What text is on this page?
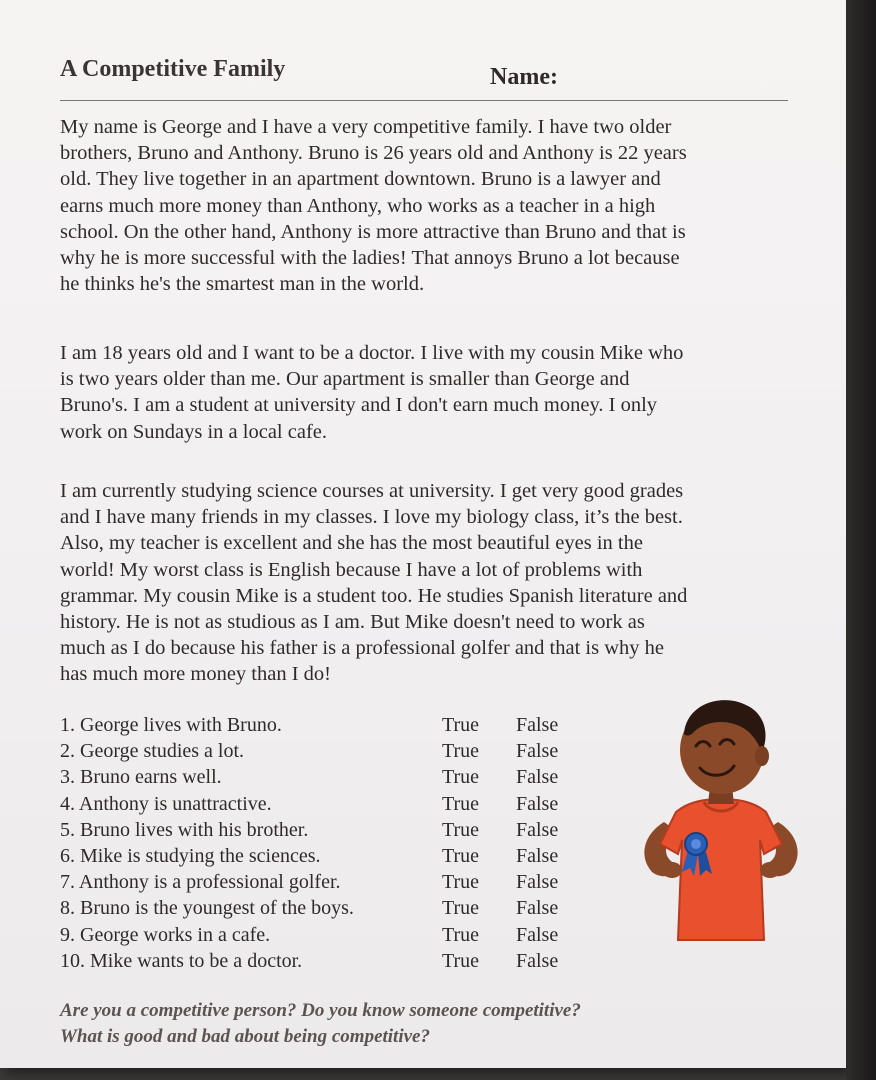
A Competitive Family	Name:

My name is George and I have a very competitive family. I have two older
brothers, Bruno and Anthony. Bruno is 26 years old and Anthony is 22 years
old. They live together in an apartment downtown. Bruno is a lawyer and
earns much more money than Anthony, who works as a teacher in a high
school. On the other hand, Anthony is more attractive than Bruno and that is
why he is more successful with the ladies! That annoys Bruno a lot because
he thinks he's the smartest man in the world.

I am 18 years old and I want to be a doctor. I live with my cousin Mike who
is two years older than me. Our apartment is smaller than George and
Bruno's. I am a student at university and I don't earn much money. I only
work on Sundays in a local cafe.

I am currently studying science courses at university. I get very good grades
and I have many friends in my classes. I love my biology class, it’s the best.
Also, my teacher is excellent and she has the most beautiful eyes in the
world! My worst class is English because I have a lot of problems with
grammar. My cousin Mike is a student too. He studies Spanish literature and
history. He is not as studious as I am. But Mike doesn't need to work as
much as I do because his father is a professional golfer and that is why he
has much more money than I do!

1. George lives with Bruno.	True False
2. George studies a lot.	True False
3. Bruno earns well.	True False
4. Anthony is unattractive.	True False
5. Bruno lives with his brother.	True False
6. Mike is studying the sciences.	True False
7. Anthony is a professional golfer.	True False
8. Bruno is the youngest of the boys.	True False
9. George works in a cafe.	True False
10. Mike wants to be a doctor.	True False

Are you a competitive person? Do you know someone competitive?
What is good and bad about being competitive?
